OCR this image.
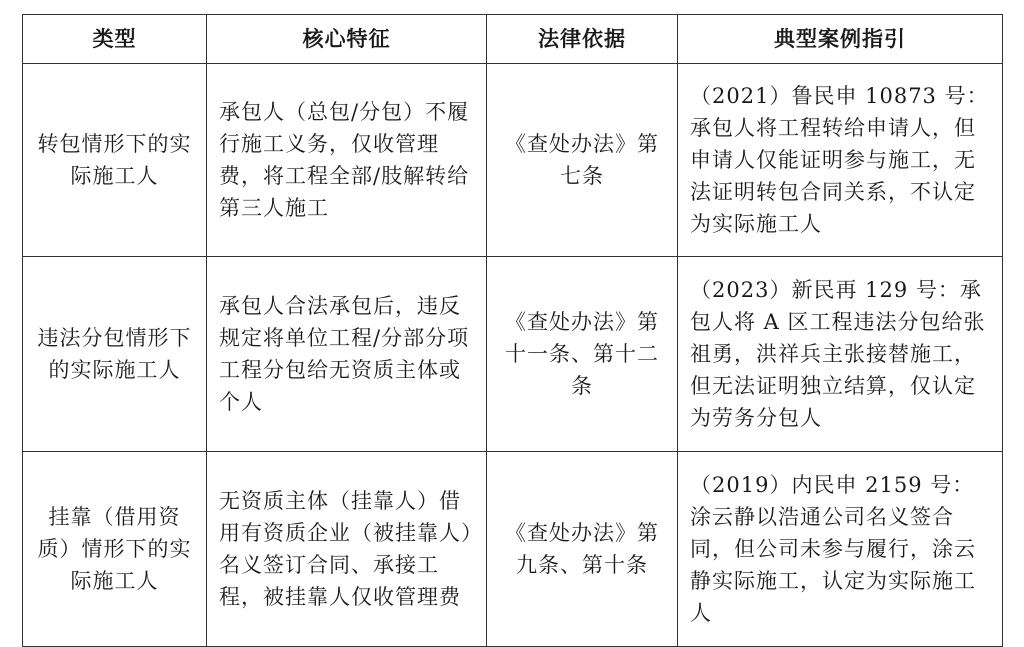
类型	核心特征	法律依据	典型案例指引

转包情形下的实际施工人	承包人（总包/分包）不履行施工义务，仅收管理费，将工程全部/肢解转给第三人施工	《查处办法》第七条	（2021）鲁民申 10873 号：承包人将工程转给申请人，但申请人仅能证明参与施工，无法证明转包合同关系，不认定为实际施工人

违法分包情形下的实际施工人	承包人合法承包后，违反规定将单位工程/分部分项工程分包给无资质主体或个人	《查处办法》第十一条、第十二条	（2023）新民再 129 号：承包人将 A 区工程违法分包给张祖勇，洪祥兵主张接替施工，但无法证明独立结算，仅认定为劳务分包人

挂靠（借用资质）情形下的实际施工人	无资质主体（挂靠人）借用有资质企业（被挂靠人）名义签订合同、承接工程，被挂靠人仅收管理费	《查处办法》第九条、第十条	（2019）内民申 2159 号：涂云静以浩通公司名义签合同，但公司未参与履行，涂云静实际施工，认定为实际施工人
